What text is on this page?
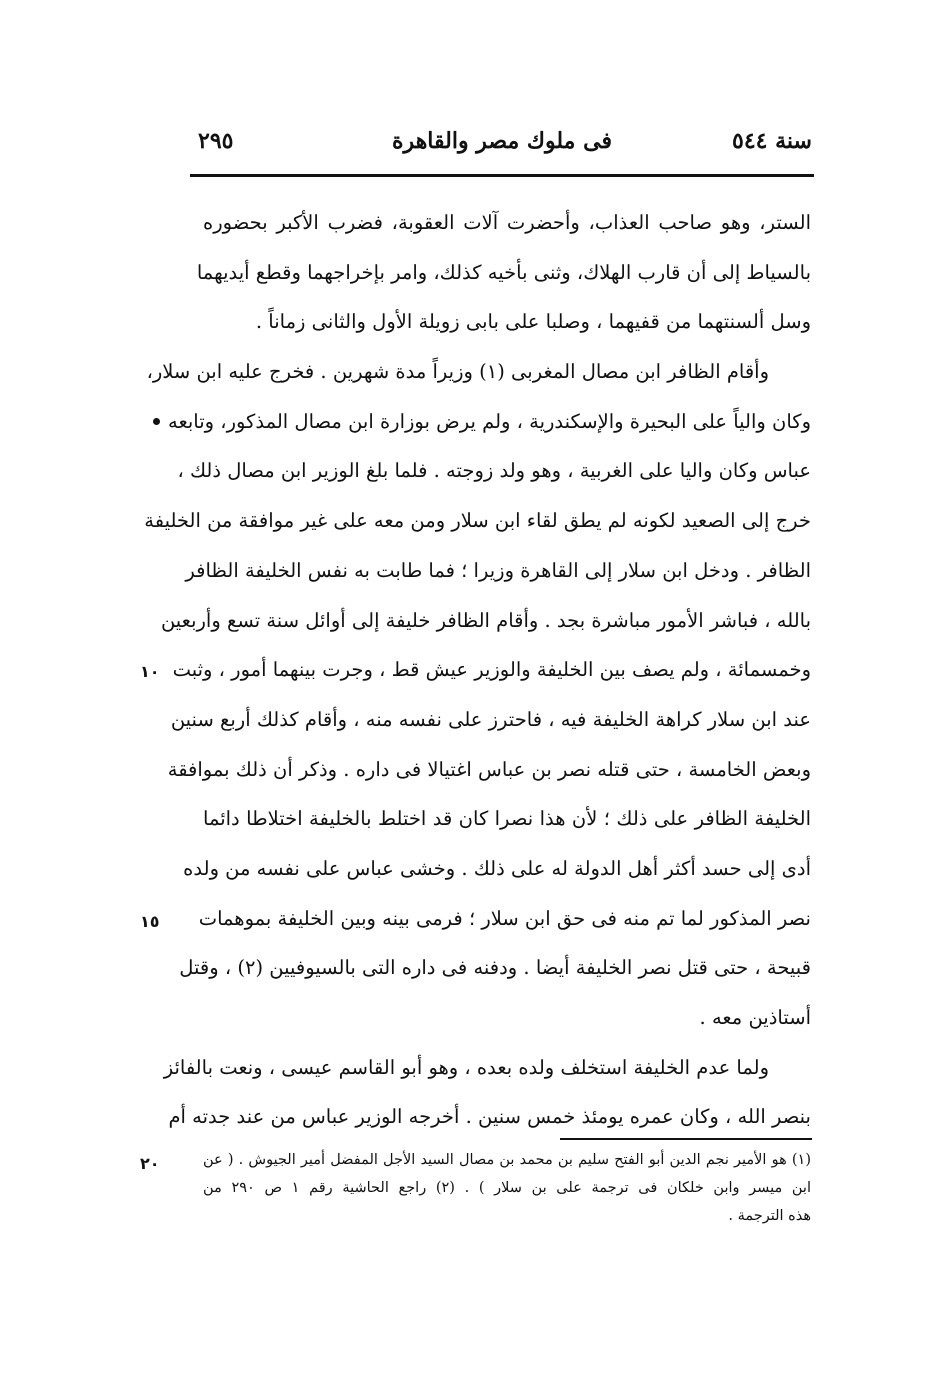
سنة ٥٤٤
فى ملوك مصر والقاهرة
٢٩٥
١٠
١٥
٢٠
الستر، وهو صاحب العذاب، وأحضرت آلات العقوبة، فضرب الأكبر بحضوره
بالسياط إلى أن قارب الهلاك، وثنى بأخيه كذلك، وامر بإخراجهما وقطع أيديهما
وسل ألسنتهما من قفيهما ، وصلبا على بابى زويلة الأول والثانى زماناً .
وأقام الظافر ابن مصال المغربى (١) وزيراً مدة شهرين . فخرج عليه ابن سلار،
وكان والياً على البحيرة والإسكندرية ، ولم يرض بوزارة ابن مصال المذكور، وتابعه
عباس وكان واليا على الغربية ، وهو ولد زوجته . فلما بلغ الوزير ابن مصال ذلك ،
خرج إلى الصعيد لكونه لم يطق لقاء ابن سلار ومن معه على غير موافقة من الخليفة
الظافر . ودخل ابن سلار إلى القاهرة وزيرا ؛ فما طابت به نفس الخليفة الظافر
بالله ، فباشر الأمور مباشرة بجد . وأقام الظافر خليفة إلى أوائل سنة تسع وأربعين
وخمسمائة ، ولم يصف بين الخليفة والوزير عيش قط ، وجرت بينهما أمور ، وثبت
عند ابن سلار كراهة الخليفة فيه ، فاحترز على نفسه منه ، وأقام كذلك أربع سنين
وبعض الخامسة ، حتى قتله نصر بن عباس اغتيالا فى داره . وذكر أن ذلك بموافقة
الخليفة الظافر على ذلك ؛ لأن هذا نصرا كان قد اختلط بالخليفة اختلاطا دائما
أدى إلى حسد أكثر أهل الدولة له على ذلك . وخشى عباس على نفسه من ولده
نصر المذكور لما تم منه فى حق ابن سلار ؛ فرمى بينه وبين الخليفة بموهمات
قبيحة ، حتى قتل نصر الخليفة أيضا . ودفنه فى داره التى بالسيوفيين (٢) ، وقتل
أستاذين معه .
ولما عدم الخليفة استخلف ولده بعده ، وهو أبو القاسم عيسى ، ونعت بالفائز
بنصر الله ، وكان عمره يومئذ خمس سنين . أخرجه الوزير عباس من عند جدته أم
(١) هو الأمير نجم الدين أبو الفتح سليم بن محمد بن مصال السيد الأجل المفضل أمير الجيوش . ( عن
ابن ميسر وابن خلكان فى ترجمة على بن سلار ) . (٢) راجع الحاشية رقم ١ ص ٢٩٠ من
هذه الترجمة .
